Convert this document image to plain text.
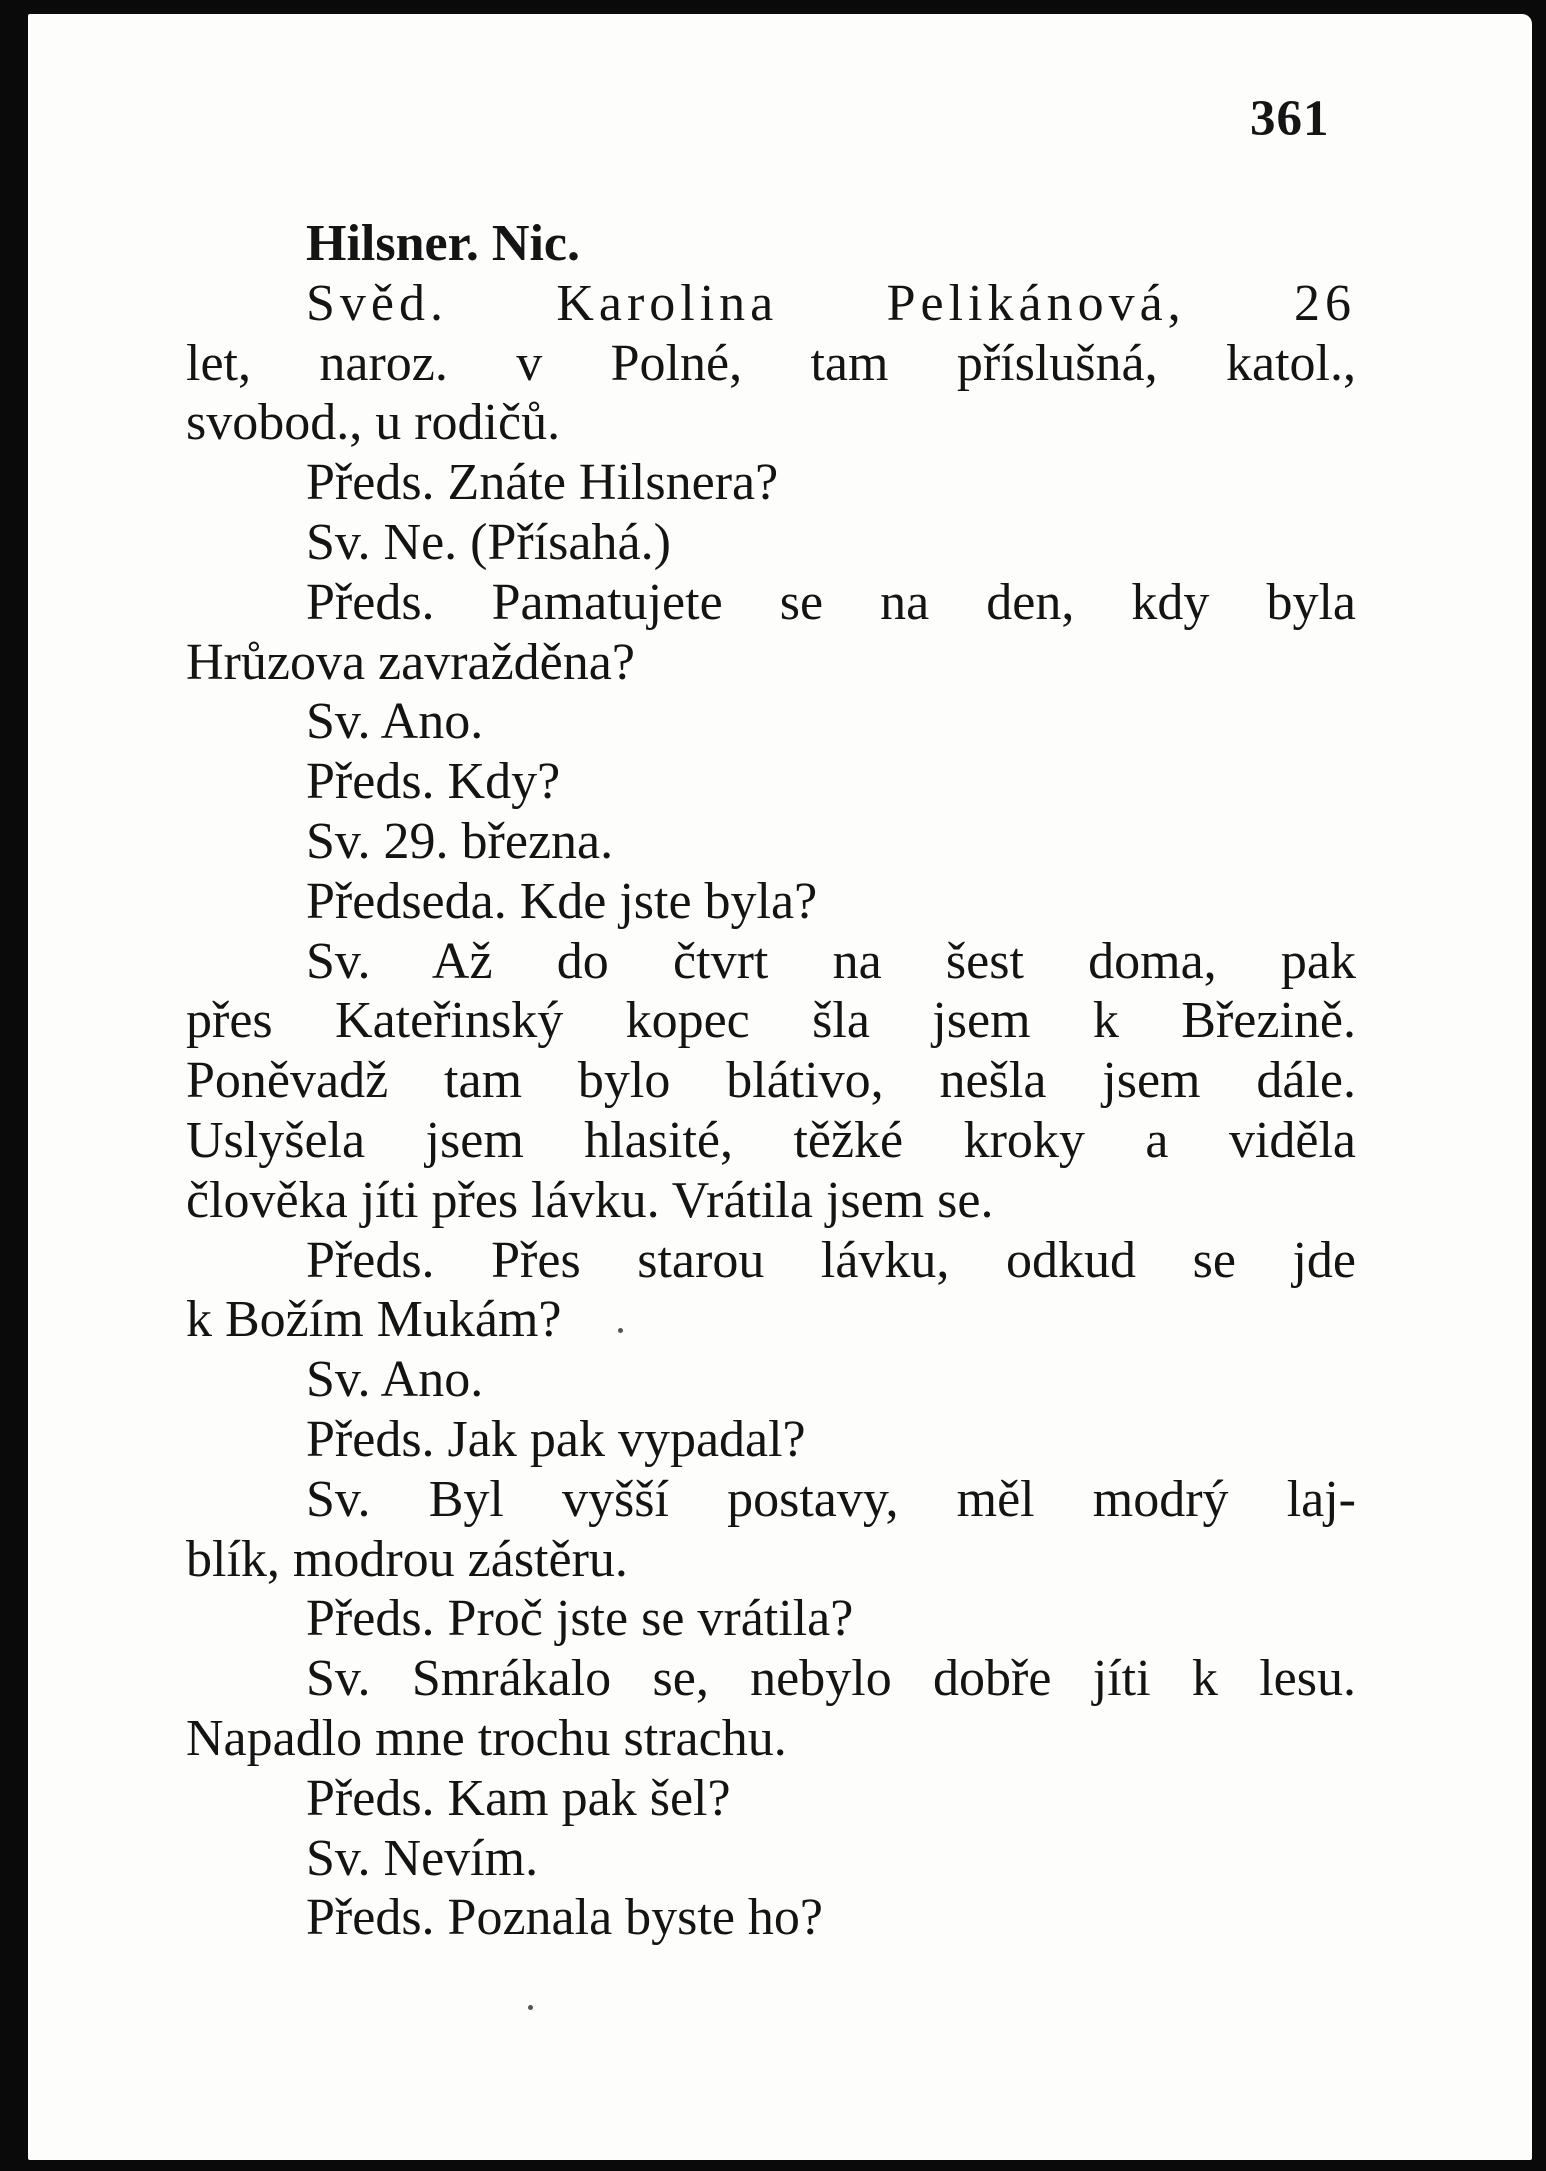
361
Hilsner. Nic.
Svěd. Karolina Pelikánová, 26
let, naroz. v Polné, tam příslušná, katol.,
svobod., u rodičů.
Předs. Znáte Hilsnera?
Sv. Ne. (Přísahá.)
Předs. Pamatujete se na den, kdy byla
Hrůzova zavražděna?
Sv. Ano.
Předs. Kdy?
Sv. 29. března.
Předseda. Kde jste byla?
Sv. Až do čtvrt na šest doma, pak
přes Kateřinský kopec šla jsem k Březině.
Poněvadž tam bylo blátivo, nešla jsem dále.
Uslyšela jsem hlasité, těžké kroky a viděla
člověka jíti přes lávku. Vrátila jsem se.
Předs. Přes starou lávku, odkud se jde
k Božím Mukám?
Sv. Ano.
Předs. Jak pak vypadal?
Sv. Byl vyšší postavy, měl modrý laj-
blík, modrou zástěru.
Předs. Proč jste se vrátila?
Sv. Smrákalo se, nebylo dobře jíti k lesu.
Napadlo mne trochu strachu.
Předs. Kam pak šel?
Sv. Nevím.
Předs. Poznala byste ho?
